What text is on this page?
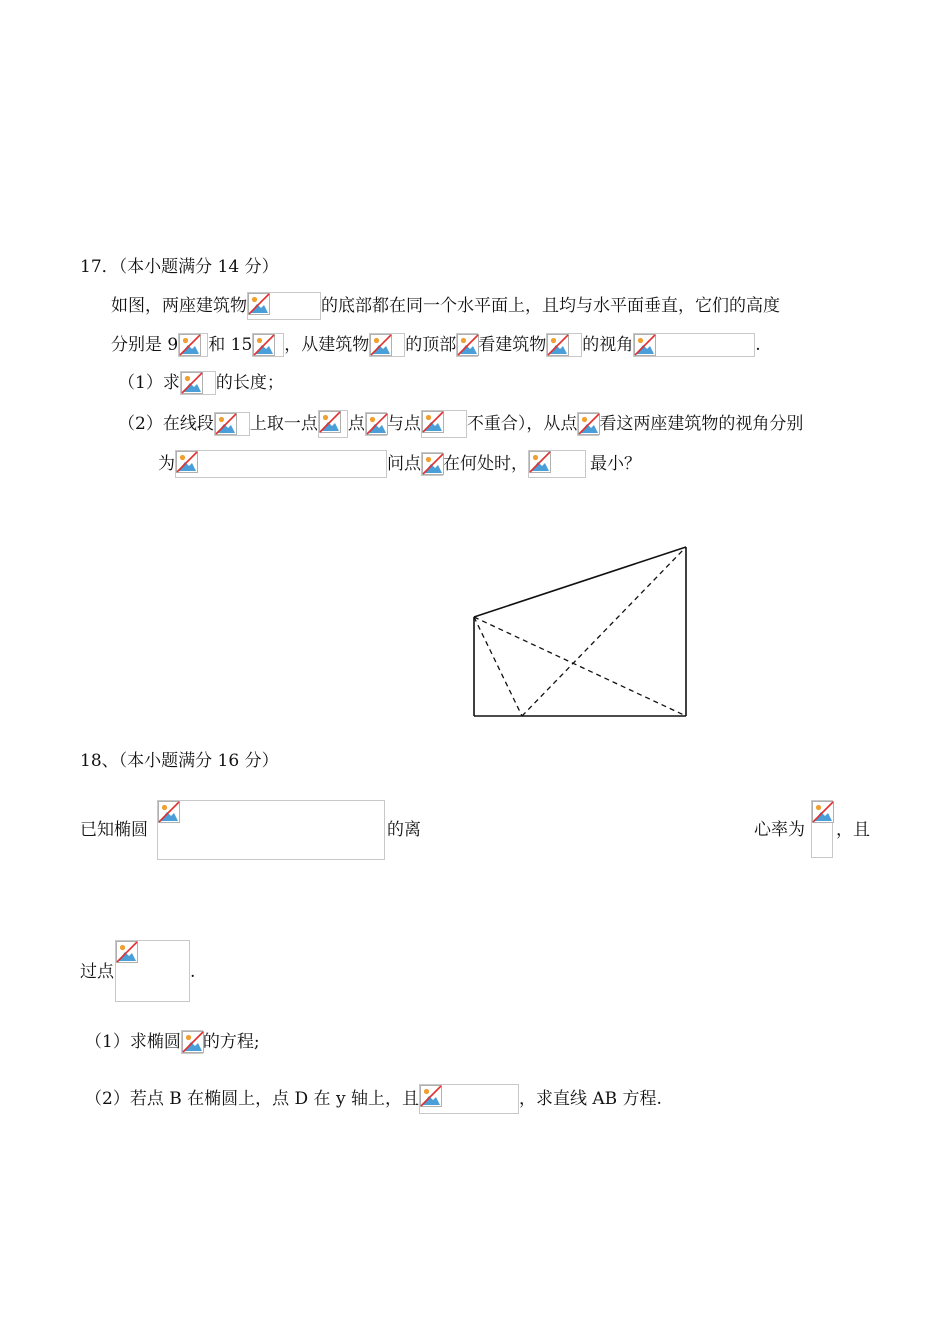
17．（本小题满分 14 分）
如图，两座建筑物	的底部都在同一个水平面上，且均与水平面垂直，它们的高度
分别是 9 和 15 ，从建筑物 的顶部 看建筑物 的视角	.
（1）求 的长度；
（2）在线段 上取一点 点 与点	不重合），从点 看这两座建筑物的视角分别
为	问点 在何处时，	最小？
18、（本小题满分 16 分）
已知椭圆	的离	心率为 ，且
过点	.
（1）求椭圆 的方程;
（2）若点 B 在椭圆上，点 D 在 y 轴上，且	，求直线 AB 方程.
